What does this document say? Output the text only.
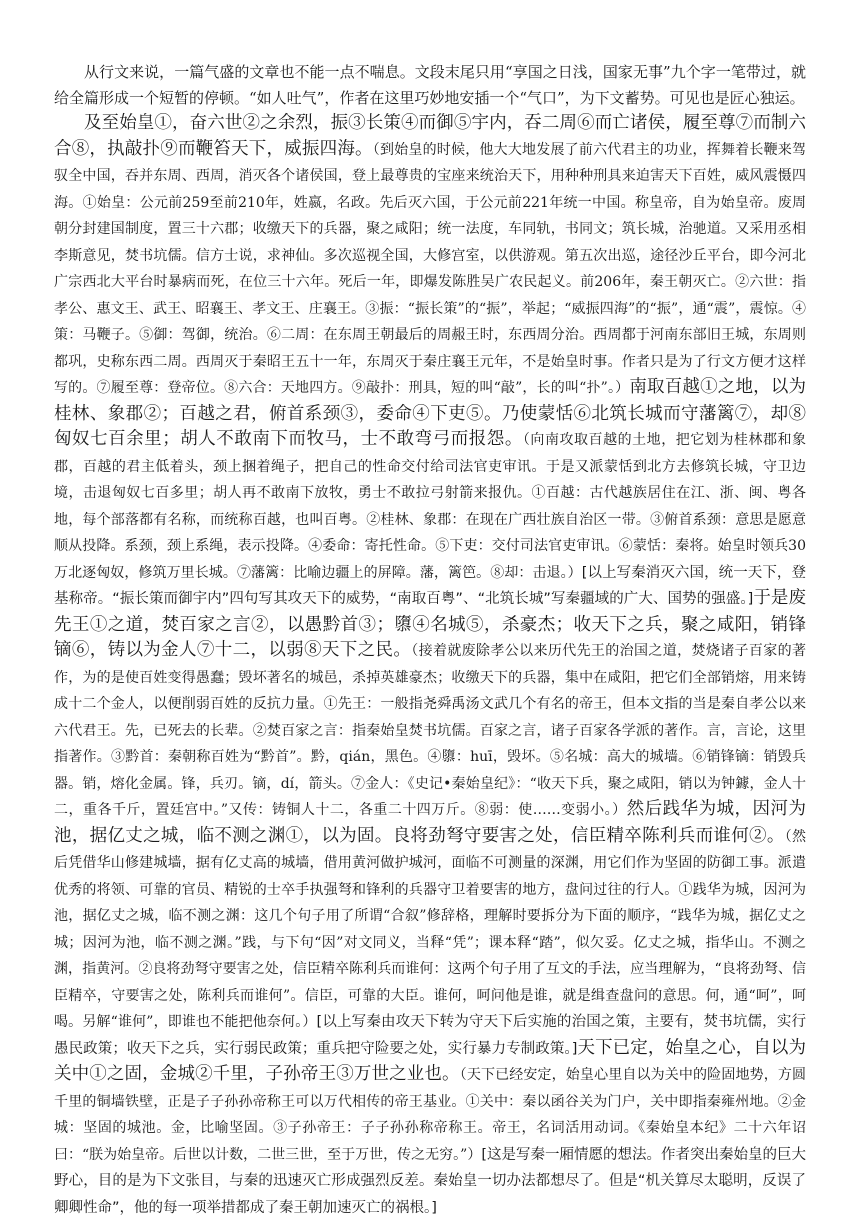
从行文来说，一篇气盛的文章也不能一点不喘息。文段末尾只用“享国之日浅，国家无事”九个字一笔带过，就给全篇形成一个短暂的停顿。“如人吐气”，作者在这里巧妙地安插一个“气口”，为下文蓄势。可见也是匠心独运。

及至始皇①，奋六世②之余烈，振③长策④而御⑤宇内，吞二周⑥而亡诸侯，履至尊⑦而制六合⑧，执敲扑⑨而鞭笞天下，威振四海。（到始皇的时候，他大大地发展了前六代君主的功业，挥舞着长鞭来驾驭全中国，吞并东周、西周，消灭各个诸侯国，登上最尊贵的宝座来统治天下，用种种刑具来迫害天下百姓，威风震慑四海。①始皇：公元前259至前210年，姓嬴，名政。先后灭六国，于公元前221年统一中国。称皇帝，自为始皇帝。废周朝分封建国制度，置三十六郡；收缴天下的兵器，聚之咸阳；统一法度，车同轨，书同文；筑长城，治驰道。又采用丞相李斯意见，焚书坑儒。信方士说，求神仙。多次巡视全国，大修宫室，以供游观。第五次出巡，途径沙丘平台，即今河北广宗西北大平台时暴病而死，在位三十六年。死后一年，即爆发陈胜吴广农民起义。前206年，秦王朝灭亡。②六世：指孝公、惠文王、武王、昭襄王、孝文王、庄襄王。③振：“振长策”的“振”，举起；“威振四海”的“振”，通“震”，震惊。④策：马鞭子。⑤御：驾御，统治。⑥二周：在东周王朝最后的周赧王时，东西周分治。西周都于河南东部旧王城，东周则都巩，史称东西二周。西周灭于秦昭王五十一年，东周灭于秦庄襄王元年，不是始皇时事。作者只是为了行文方便才这样写的。⑦履至尊：登帝位。⑧六合：天地四方。⑨敲扑：刑具，短的叫“敲”，长的叫“扑”。）南取百越①之地，以为桂林、象郡②；百越之君，俯首系颈③，委命④下吏⑤。乃使蒙恬⑥北筑长城而守藩篱⑦，却⑧匈奴七百余里；胡人不敢南下而牧马，士不敢弯弓而报怨。（向南攻取百越的土地，把它划为桂林郡和象郡，百越的君主低着头，颈上捆着绳子，把自己的性命交付给司法官吏审讯。于是又派蒙恬到北方去修筑长城，守卫边境，击退匈奴七百多里；胡人再不敢南下放牧，勇士不敢拉弓射箭来报仇。①百越：古代越族居住在江、浙、闽、粤各地，每个部落都有名称，而统称百越，也叫百粤。②桂林、象郡：在现在广西壮族自治区一带。③俯首系颈：意思是愿意顺从投降。系颈，颈上系绳，表示投降。④委命：寄托性命。⑤下吏：交付司法官吏审讯。⑥蒙恬：秦将。始皇时领兵30万北逐匈奴，修筑万里长城。⑦藩篱：比喻边疆上的屏障。藩，篱笆。⑧却：击退。）[以上写秦消灭六国，统一天下，登基称帝。“振长策而御宇内”四句写其攻天下的威势，“南取百粤”、“北筑长城”写秦疆域的广大、国势的强盛。]于是废先王①之道，焚百家之言②，以愚黔首③；隳④名城⑤，杀豪杰；收天下之兵，聚之咸阳，销锋镝⑥，铸以为金人⑦十二，以弱⑧天下之民。（接着就废除孝公以来历代先王的治国之道，焚烧诸子百家的著作，为的是使百姓变得愚蠢；毁坏著名的城邑，杀掉英雄豪杰；收缴天下的兵器，集中在咸阳，把它们全部销熔，用来铸成十二个金人，以便削弱百姓的反抗力量。①先王：一般指尧舜禹汤文武几个有名的帝王，但本文指的当是秦自孝公以来六代君王。先，已死去的长辈。②焚百家之言：指秦始皇焚书坑儒。百家之言，诸子百家各学派的著作。言，言论，这里指著作。③黔首：秦朝称百姓为“黔首”。黔，qián，黑色。④隳：huī，毁坏。⑤名城：高大的城墙。⑥销锋镝：销毁兵器。销，熔化金属。锋，兵刃。镝，dí，箭头。⑦金人：《史记•秦始皇纪》：“收天下兵，聚之咸阳，销以为钟鐻，金人十二，重各千斤，置廷宫中。”又传：铸铜人十二，各重二十四万斤。⑧弱：使……变弱小。）然后践华为城，因河为池，据亿丈之城，临不测之渊①，以为固。良将劲弩守要害之处，信臣精卒陈利兵而谁何②。（然后凭借华山修建城墙，据有亿丈高的城墙，借用黄河做护城河，面临不可测量的深渊，用它们作为坚固的防御工事。派遣优秀的将领、可靠的官员、精锐的士卒手执强弩和锋利的兵器守卫着要害的地方，盘问过往的行人。①践华为城，因河为池，据亿丈之城，临不测之渊：这几个句子用了所谓“合叙”修辞格，理解时要拆分为下面的顺序，“践华为城，据亿丈之城；因河为池，临不测之渊。”践，与下句“因”对文同义，当释“凭”；课本释“踏”，似欠妥。亿丈之城，指华山。不测之渊，指黄河。②良将劲弩守要害之处，信臣精卒陈利兵而谁何：这两个句子用了互文的手法，应当理解为，“良将劲弩、信臣精卒，守要害之处，陈利兵而谁何”。信臣，可靠的大臣。谁何，呵问他是谁，就是缉查盘问的意思。何，通“呵”，呵喝。另解“谁何”，即谁也不能把他奈何。）[以上写秦由攻天下转为守天下后实施的治国之策，主要有，焚书坑儒，实行愚民政策；收天下之兵，实行弱民政策；重兵把守险要之处，实行暴力专制政策。]天下已定，始皇之心，自以为关中①之固，金城②千里，子孙帝王③万世之业也。（天下已经安定，始皇心里自以为关中的险固地势，方圆千里的铜墙铁壁，正是子子孙孙帝称王可以万代相传的帝王基业。①关中：秦以函谷关为门户，关中即指秦雍州地。②金城：坚固的城池。金，比喻坚固。③子孙帝王：子子孙孙称帝称王。帝王，名词活用动词。《秦始皇本纪》二十六年诏曰：“朕为始皇帝。后世以计数，二世三世，至于万世，传之无穷。”）[这是写秦一厢情愿的想法。作者突出秦始皇的巨大野心，目的是为下文张目，与秦的迅速灭亡形成强烈反差。秦始皇一切办法都想尽了。但是“机关算尽太聪明，反误了卿卿性命”，他的每一项举措都成了秦王朝加速灭亡的祸根。]
